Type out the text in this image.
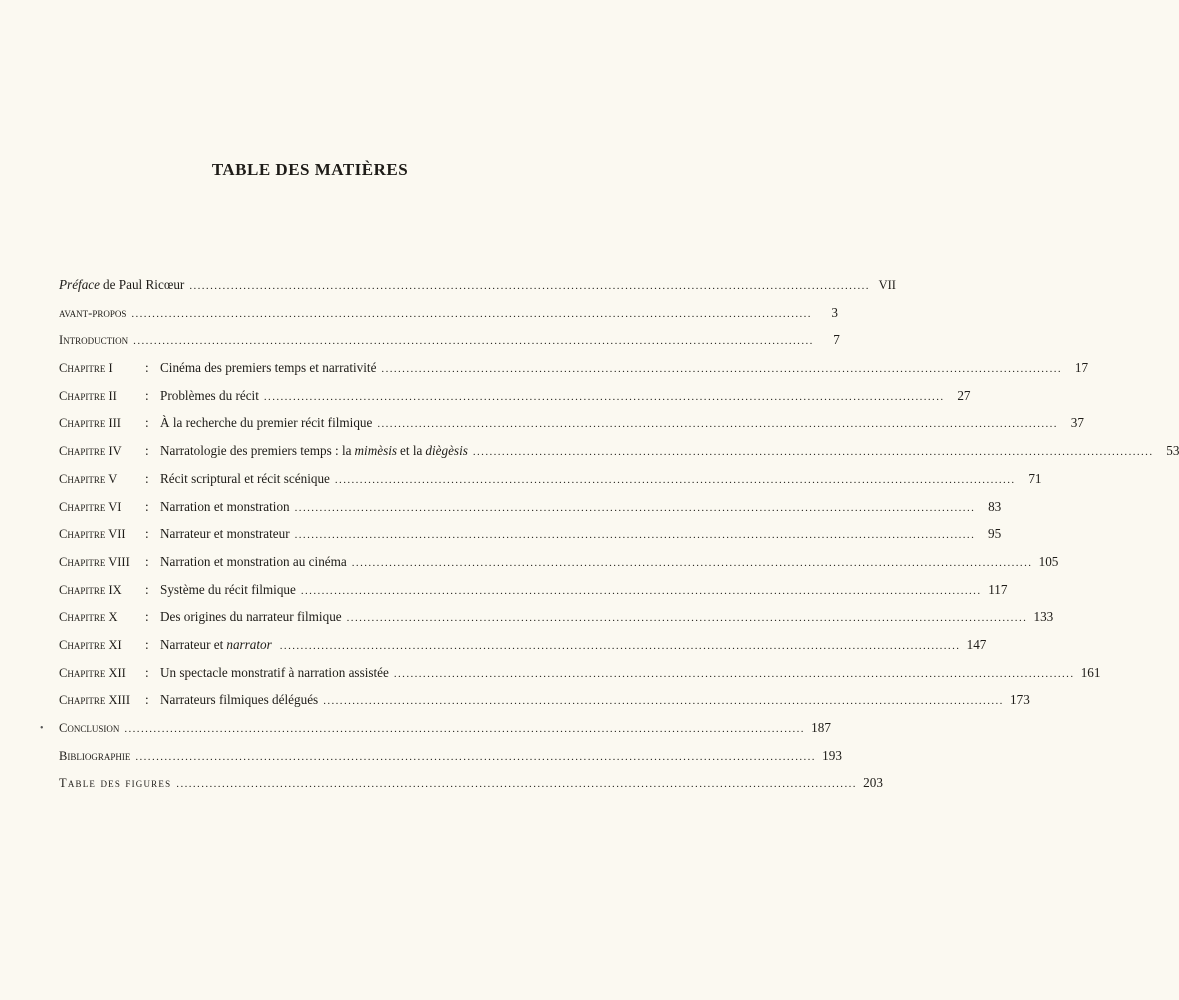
TABLE DES MATIÈRES
Préface de Paul Ricœur .................................................................................................................................................................... VII
avant-propos ....................................................................................................................................................................	3
Introduction ....................................................................................................................................................................	7
Chapitre I	: Cinéma des premiers temps et narrativité .................................................................................................................................................................... 17
Chapitre II	: Problèmes du récit .................................................................................................................................................................... 27
Chapitre III	: À la recherche du premier récit filmique .................................................................................................................................................................... 37
Chapitre IV	: Narratologie des premiers temps : la mimèsis et la diègèsis .................................................................................................................................................................... 53
Chapitre V	: Récit scriptural et récit scénique .................................................................................................................................................................... 71
Chapitre VI	: Narration et monstration .................................................................................................................................................................... 83
Chapitre VII	: Narrateur et monstrateur .................................................................................................................................................................... 95
Chapitre VIII	: Narration et monstration au cinéma .................................................................................................................................................................... 105
Chapitre IX	: Système du récit filmique .................................................................................................................................................................... 117
Chapitre X	: Des origines du narrateur filmique .................................................................................................................................................................... 133
Chapitre XI	: Narrateur et narrator .................................................................................................................................................................... 147
Chapitre XII	: Un spectacle monstratif à narration assistée .................................................................................................................................................................... 161
Chapitre XIII	: Narrateurs filmiques délégués .................................................................................................................................................................... 173
Conclusion .................................................................................................................................................................... 187
Bibliographie .................................................................................................................................................................... 193
Table des figures .................................................................................................................................................................... 203
•
